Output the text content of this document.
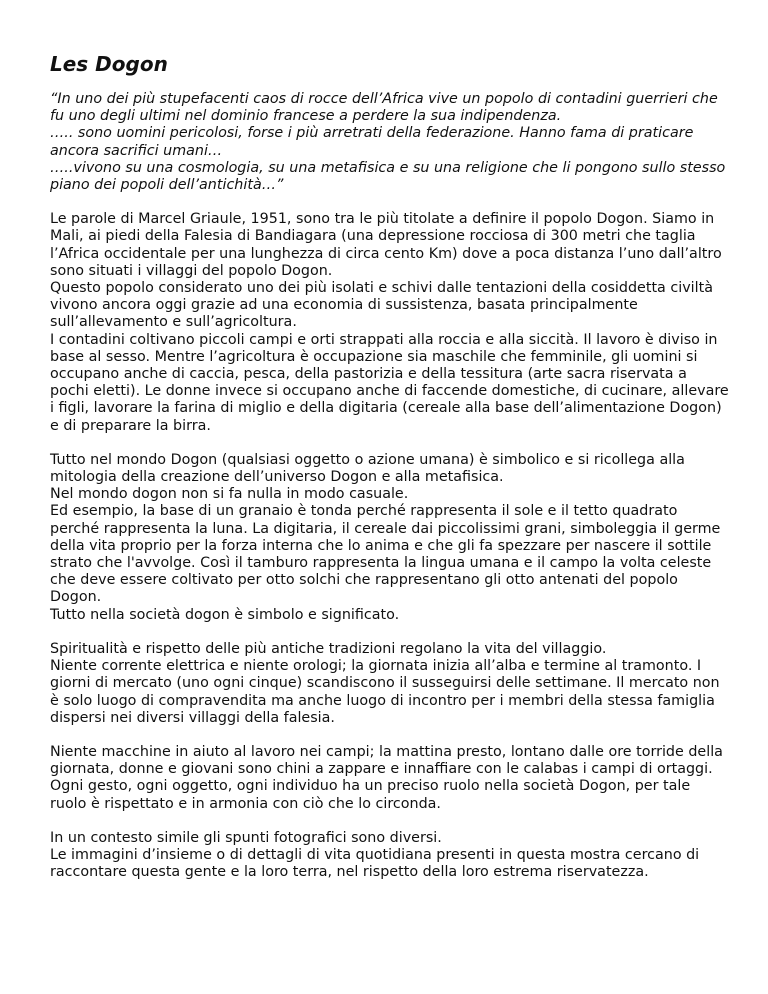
Les Dogon
“In uno dei più stupefacenti caos di rocce dell’Africa vive un popolo di contadini guerrieri che fu uno degli ultimi nel dominio francese a perdere la sua indipendenza.
….. sono uomini pericolosi, forse i più arretrati della federazione. Hanno fama di praticare ancora sacrifici umani…
…..vivono su una cosmologia, su una metafisica e su una religione che li pongono sullo stesso piano dei popoli dell’antichità…”
Le parole di Marcel Griaule, 1951, sono tra le più titolate a definire il popolo Dogon. Siamo in Mali, ai piedi della Falesia di Bandiagara (una depressione rocciosa di 300 metri che taglia l’Africa occidentale per una lunghezza di circa cento Km) dove a poca distanza l’uno dall’altro sono situati i villaggi del popolo Dogon.
Questo popolo considerato uno dei più isolati e schivi dalle tentazioni della cosiddetta civiltà vivono ancora oggi grazie ad una economia di sussistenza, basata principalmente sull’allevamento e sull’agricoltura.
I contadini coltivano piccoli campi e orti strappati alla roccia e alla siccità. Il lavoro è diviso in base al sesso. Mentre l’agricoltura è occupazione sia maschile che femminile, gli uomini si occupano anche di caccia, pesca, della pastorizia e della tessitura (arte sacra riservata a pochi eletti). Le donne invece si occupano anche di faccende domestiche, di cucinare, allevare i figli, lavorare la farina di miglio e della digitaria (cereale alla base dell’alimentazione Dogon) e di preparare la birra.
Tutto nel mondo Dogon (qualsiasi oggetto o azione umana) è simbolico e si ricollega alla mitologia della creazione dell’universo Dogon e alla metafisica.
Nel mondo dogon non si fa nulla in modo casuale.
Ed esempio, la base di un granaio è tonda perché rappresenta il sole e il tetto quadrato perché rappresenta la luna. La digitaria, il cereale dai piccolissimi grani, simboleggia il germe della vita proprio per la forza interna che lo anima e che gli fa spezzare per nascere il sottile strato che l'avvolge. Così il tamburo rappresenta la lingua umana e il campo la volta celeste che deve essere coltivato per otto solchi che rappresentano gli otto antenati del popolo Dogon.
Tutto nella società dogon è simbolo e significato.
Spiritualità e rispetto delle più antiche tradizioni regolano la vita del villaggio.
Niente corrente elettrica e niente orologi; la giornata inizia all’alba e termine al tramonto. I giorni di mercato (uno ogni cinque) scandiscono il susseguirsi delle settimane. Il mercato non è solo luogo di compravendita ma anche luogo di incontro per i membri della stessa famiglia dispersi nei diversi villaggi della falesia.
Niente macchine in aiuto al lavoro nei campi; la mattina presto, lontano dalle ore torride della giornata, donne e giovani sono chini a zappare e innaffiare con le calabas i campi di ortaggi.
Ogni gesto, ogni oggetto, ogni individuo ha un preciso ruolo nella società Dogon, per tale ruolo è rispettato e in armonia con ciò che lo circonda.
In un contesto simile gli spunti fotografici sono diversi.
Le immagini d’insieme o di dettagli di vita quotidiana presenti in questa mostra cercano di raccontare questa gente e la loro terra, nel rispetto della loro estrema riservatezza.
